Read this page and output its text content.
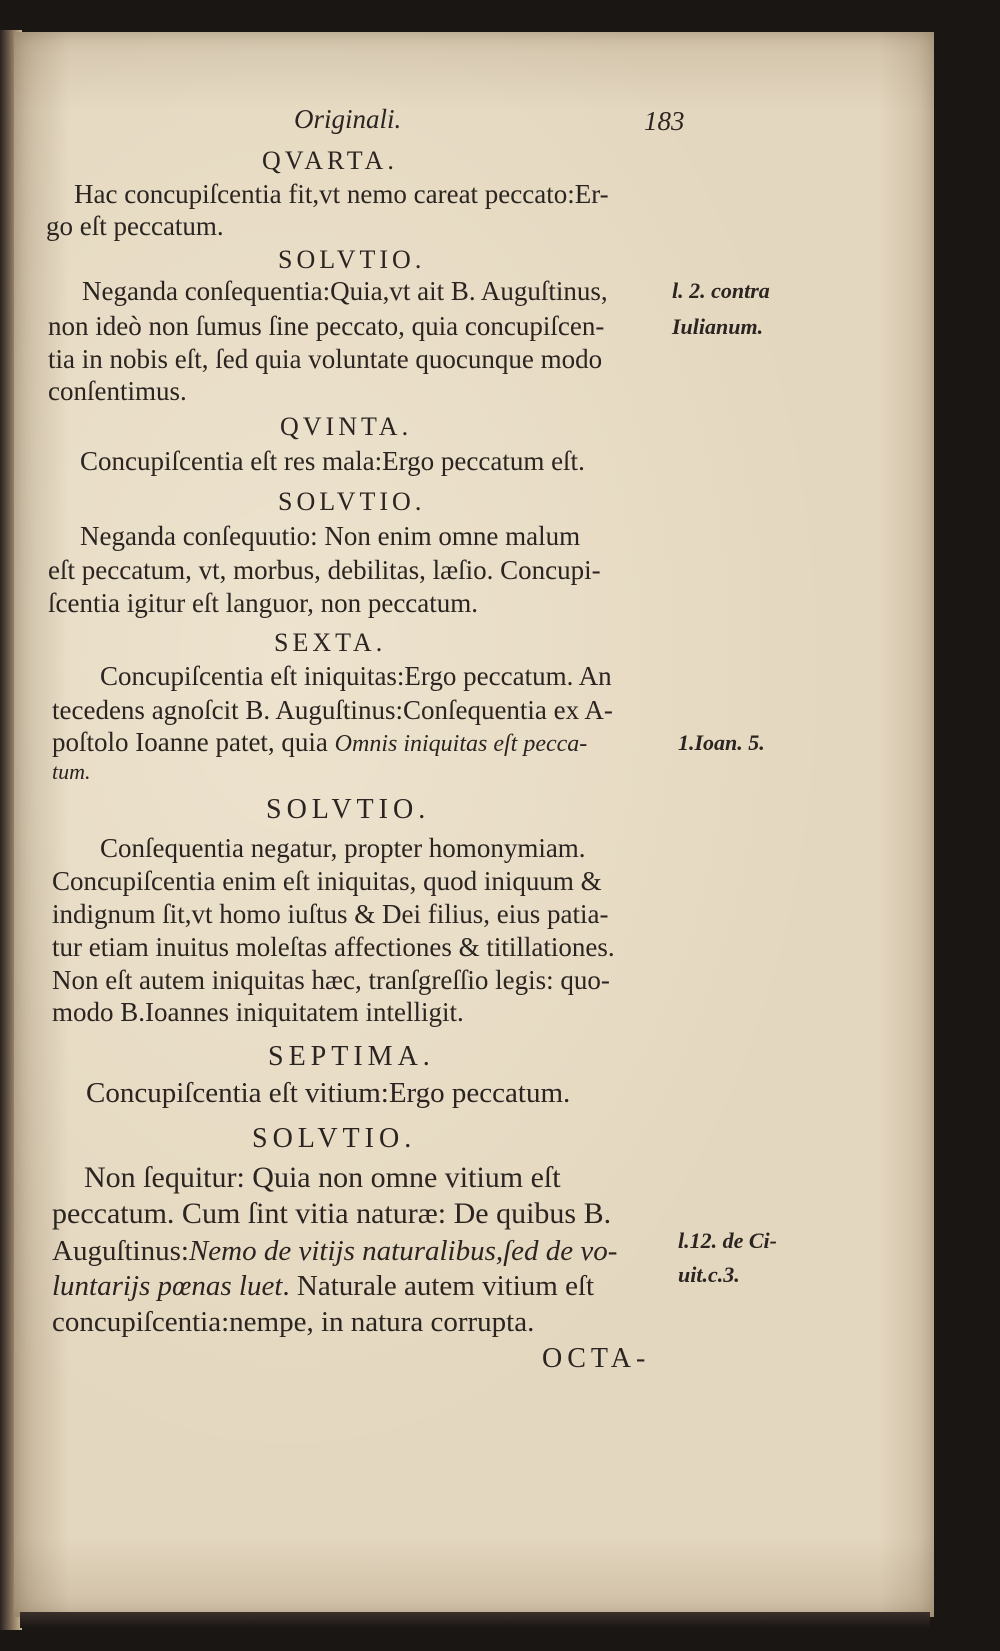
Originali.	183
QVARTA.
Hac concupiſcentia fit,vt nemo careat peccato:Er-
go eſt peccatum.
SOLVTIO.
Neganda conſequentia:Quia,vt ait B. Auguſtinus,
non ideò non ſumus ſine peccato, quia concupiſcen-
tia in nobis eſt, ſed quia voluntate quocunque modo
conſentimus.
QVINTA.
Concupiſcentia eſt res mala:Ergo peccatum eſt.
SOLVTIO.
Neganda conſequutio: Non enim omne malum
eſt peccatum, vt, morbus, debilitas, læſio. Concupi-
ſcentia igitur eſt languor, non peccatum.
SEXTA.
Concupiſcentia eſt iniquitas:Ergo peccatum. An
tecedens agnoſcit B. Auguſtinus:Conſequentia ex A-
poſtolo Ioanne patet, quia Omnis iniquitas eſt pecca-
tum.
SOLVTIO.
Conſequentia negatur, propter homonymiam.
Concupiſcentia enim eſt iniquitas, quod iniquum &
indignum ſit,vt homo iuſtus & Dei filius, eius patia-
tur etiam inuitus moleſtas affectiones & titillationes.
Non eſt autem iniquitas hæc, tranſgreſſio legis: quo-
modo B.Ioannes iniquitatem intelligit.
SEPTIMA.
Concupiſcentia eſt vitium:Ergo peccatum.
SOLVTIO.
Non ſequitur: Quia non omne vitium eſt
peccatum. Cum ſint vitia naturæ: De quibus B.
Auguſtinus:Nemo de vitijs naturalibus,ſed de vo-
luntarijs pœnas luet. Naturale autem vitium eſt
concupiſcentia:nempe, in natura corrupta.
OCTA-
l. 2. contra
Iulianum.
1.Ioan. 5.
l.12. de Ci-
uit.c.3.
